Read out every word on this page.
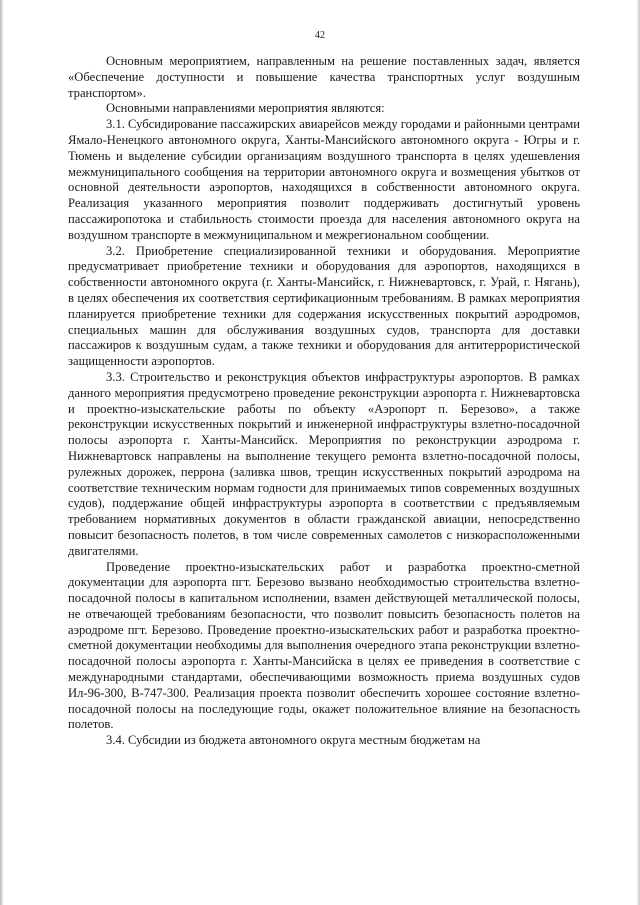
42

Основным мероприятием, направленным на решение поставленных задач, является «Обеспечение доступности и повышение качества транспортных услуг воздушным транспортом».

Основными направлениями мероприятия являются:

3.1. Субсидирование пассажирских авиарейсов между городами и районными центрами Ямало-Ненецкого автономного округа, Ханты-Мансийского автономного округа - Югры и г. Тюмень и выделение субсидии организациям воздушного транспорта в целях удешевления межмуниципального сообщения на территории автономного округа и возмещения убытков от основной деятельности аэропортов, находящихся в собственности автономного округа. Реализация указанного мероприятия позволит поддерживать достигнутый уровень пассажиропотока и стабильность стоимости проезда для населения автономного округа на воздушном транспорте в межмуниципальном и межрегиональном сообщении.

3.2. Приобретение специализированной техники и оборудования. Мероприятие предусматривает приобретение техники и оборудования для аэропортов, находящихся в собственности автономного округа (г. Ханты-Мансийск, г. Нижневартовск, г. Урай, г. Нягань), в целях обеспечения их соответствия сертификационным требованиям. В рамках мероприятия планируется приобретение техники для содержания искусственных покрытий аэродромов, специальных машин для обслуживания воздушных судов, транспорта для доставки пассажиров к воздушным судам, а также техники и оборудования для антитеррористической защищенности аэропортов.

3.3. Строительство и реконструкция объектов инфраструктуры аэропортов. В рамках данного мероприятия предусмотрено проведение реконструкции аэропорта г. Нижневартовска и проектно-изыскательские работы по объекту «Аэропорт п. Березово», а также реконструкции искусственных покрытий и инженерной инфраструктуры взлетно-посадочной полосы аэропорта г. Ханты-Мансийск. Мероприятия по реконструкции аэродрома г. Нижневартовск направлены на выполнение текущего ремонта взлетно-посадочной полосы, рулежных дорожек, перрона (заливка швов, трещин искусственных покрытий аэродрома на соответствие техническим нормам годности для принимаемых типов современных воздушных судов), поддержание общей инфраструктуры аэропорта в соответствии с предъявляемым требованием нормативных документов в области гражданской авиации, непосредственно повысит безопасность полетов, в том числе современных самолетов с низкорасположенными двигателями.

Проведение проектно-изыскательских работ и разработка проектно-сметной документации для аэропорта пгт. Березово вызвано необходимостью строительства взлетно-посадочной полосы в капитальном исполнении, взамен действующей металлической полосы, не отвечающей требованиям безопасности, что позволит повысить безопасность полетов на аэродроме пгт. Березово. Проведение проектно-изыскательских работ и разработка проектно-сметной документации необходимы для выполнения очередного этапа реконструкции взлетно-посадочной полосы аэропорта г. Ханты-Мансийска в целях ее приведения в соответствие с международными стандартами, обеспечивающими возможность приема воздушных судов Ил-96-300, В-747-300. Реализация проекта позволит обеспечить хорошее состояние взлетно-посадочной полосы на последующие годы, окажет положительное влияние на безопасность полетов.

3.4. Субсидии из бюджета автономного округа местным бюджетам на
